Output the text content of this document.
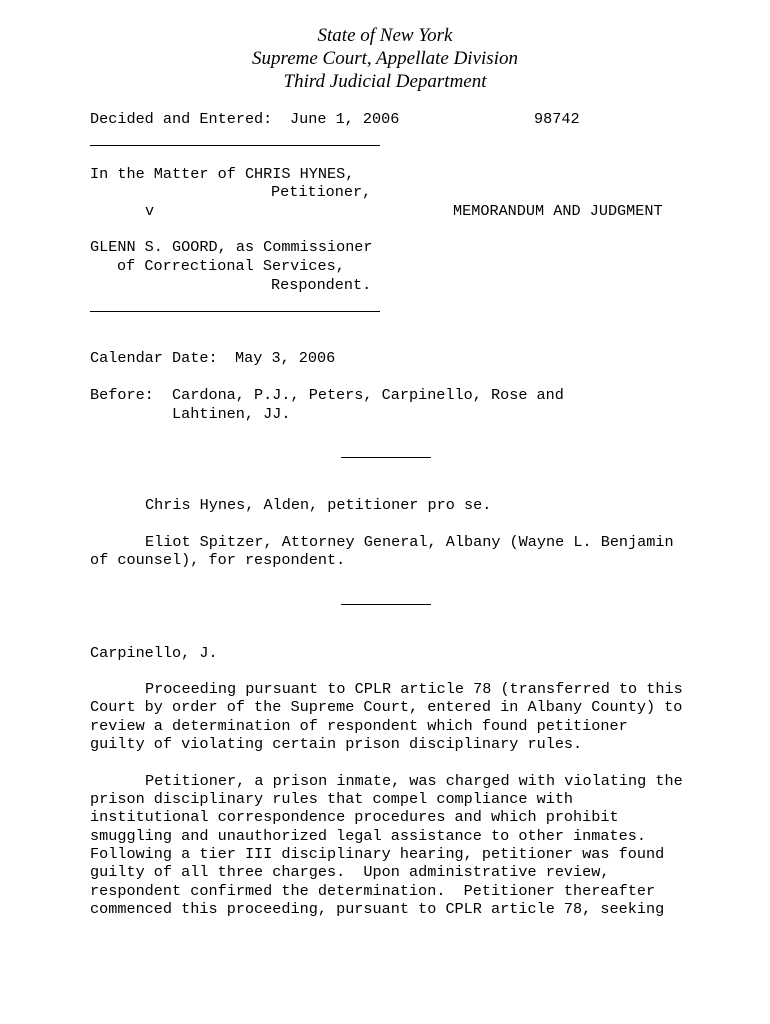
State of New York
Supreme Court, Appellate Division
Third Judicial Department
Decided and Entered: June 1, 2006	98742
In the Matter of CHRIS HYNES,
Petitioner,
v	MEMORANDUM AND JUDGMENT
GLENN S. GOORD, as Commissioner
of Correctional Services,
Respondent.
Calendar Date: May 3, 2006
Before: Cardona, P.J., Peters, Carpinello, Rose and
Lahtinen, JJ.
Chris Hynes, Alden, petitioner pro se.
Eliot Spitzer, Attorney General, Albany (Wayne L. Benjamin
of counsel), for respondent.
Carpinello, J.
Proceeding pursuant to CPLR article 78 (transferred to this
Court by order of the Supreme Court, entered in Albany County) to
review a determination of respondent which found petitioner
guilty of violating certain prison disciplinary rules.
Petitioner, a prison inmate, was charged with violating the
prison disciplinary rules that compel compliance with
institutional correspondence procedures and which prohibit
smuggling and unauthorized legal assistance to other inmates.
Following a tier III disciplinary hearing, petitioner was found
guilty of all three charges.  Upon administrative review,
respondent confirmed the determination.  Petitioner thereafter
commenced this proceeding, pursuant to CPLR article 78, seeking
